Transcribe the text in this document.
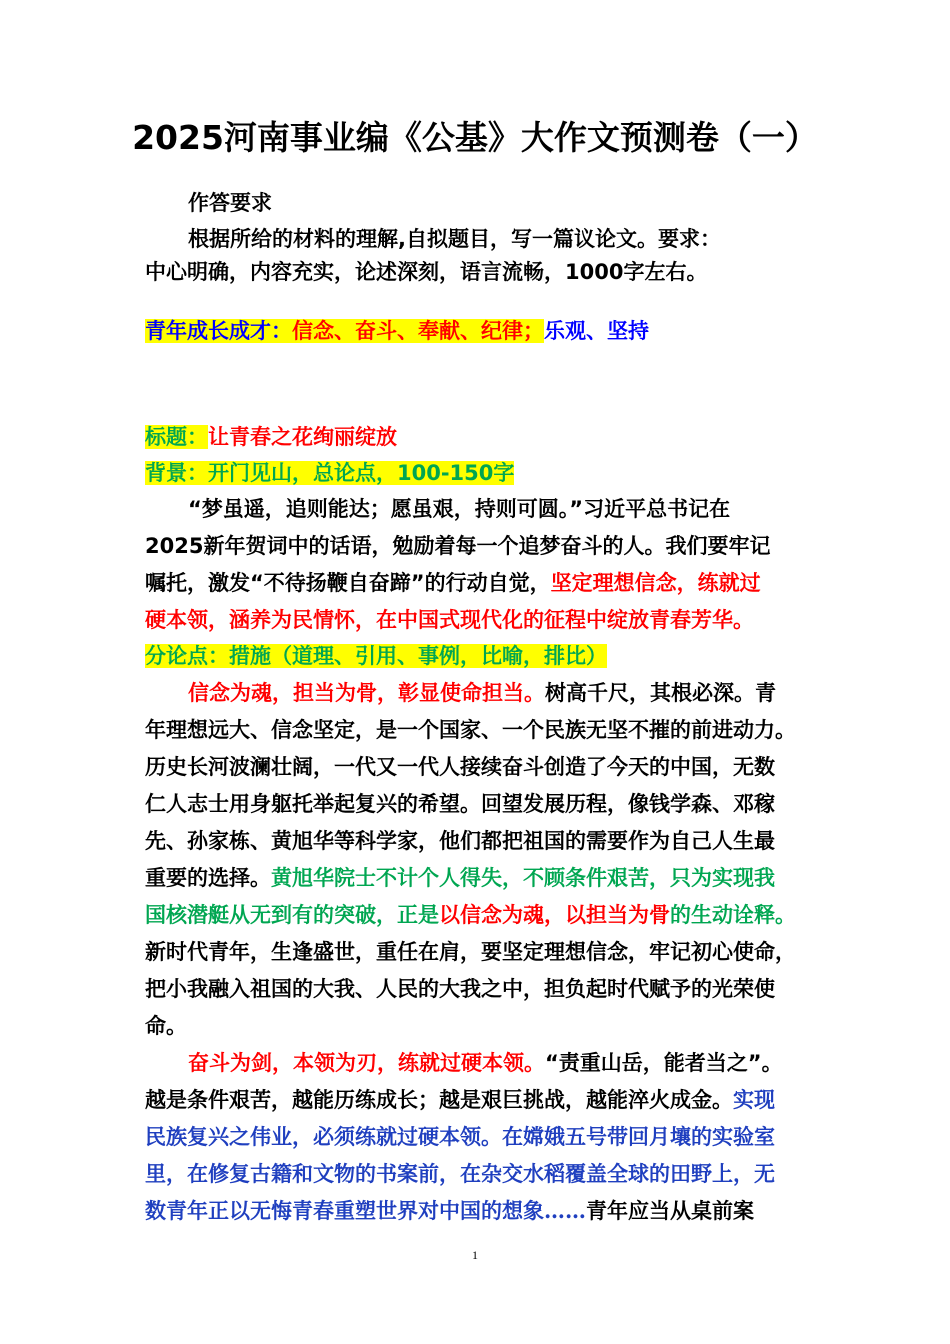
2025河南事业编《公基》大作文预测卷（一）
作答要求
根据所给的材料的理解,自拟题目，写一篇议论文。要求：
中心明确，内容充实，论述深刻，语言流畅，1000字左右。
青年成长成才：信念、奋斗、奉献、纪律；乐观、坚持
标题：让青春之花绚丽绽放
背景：开门见山，总论点，100-150字
“梦虽遥，追则能达；愿虽艰，持则可圆。”习近平总书记在
2025新年贺词中的话语，勉励着每一个追梦奋斗的人。我们要牢记
嘱托，激发“不待扬鞭自奋蹄”的行动自觉，坚定理想信念，练就过
硬本领，涵养为民情怀，在中国式现代化的征程中绽放青春芳华。
分论点：措施（道理、引用、事例，比喻，排比）
信念为魂，担当为骨，彰显使命担当。树高千尺，其根必深。青
年理想远大、信念坚定，是一个国家、一个民族无坚不摧的前进动力。
历史长河波澜壮阔，一代又一代人接续奋斗创造了今天的中国，无数
仁人志士用身躯托举起复兴的希望。回望发展历程，像钱学森、邓稼
先、孙家栋、黄旭华等科学家，他们都把祖国的需要作为自己人生最
重要的选择。黄旭华院士不计个人得失，不顾条件艰苦，只为实现我
国核潜艇从无到有的突破，正是以信念为魂，以担当为骨的生动诠释。
新时代青年，生逢盛世，重任在肩，要坚定理想信念，牢记初心使命，
把小我融入祖国的大我、人民的大我之中，担负起时代赋予的光荣使
命。
奋斗为剑，本领为刃，练就过硬本领。“责重山岳，能者当之”。
越是条件艰苦，越能历练成长；越是艰巨挑战，越能淬火成金。实现
民族复兴之伟业，必须练就过硬本领。在嫦娥五号带回月壤的实验室
里，在修复古籍和文物的书案前，在杂交水稻覆盖全球的田野上，无
数青年正以无悔青春重塑世界对中国的想象……青年应当从桌前案
1
